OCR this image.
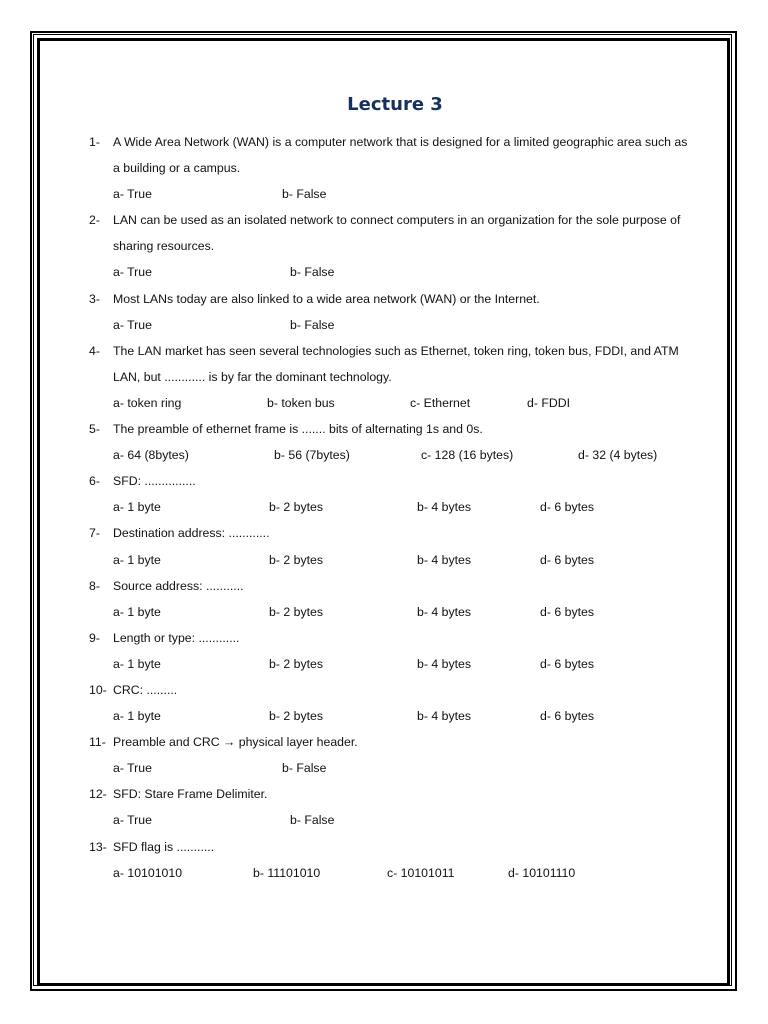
Lecture 3
1- A Wide Area Network (WAN) is a computer network that is designed for a limited geographic area such as a building or a campus.
a- True	b- False
2- LAN can be used as an isolated network to connect computers in an organization for the sole purpose of sharing resources.
a- True	b- False
3- Most LANs today are also linked to a wide area network (WAN) or the Internet.
a- True	b- False
4- The LAN market has seen several technologies such as Ethernet, token ring, token bus, FDDI, and ATM LAN, but ............ is by far the dominant technology.
a- token ring	b- token bus	c- Ethernet	d- FDDI
5- The preamble of ethernet frame is ....... bits of alternating 1s and 0s.
a- 64 (8bytes)	b- 56 (7bytes)	c- 128 (16 bytes)	d- 32 (4 bytes)
6- SFD: ...............
a- 1 byte	b- 2 bytes	b- 4 bytes	d- 6 bytes
7- Destination address: ............
a- 1 byte	b- 2 bytes	b- 4 bytes	d- 6 bytes
8- Source address: ...........
a- 1 byte	b- 2 bytes	b- 4 bytes	d- 6 bytes
9- Length or type: ............
a- 1 byte	b- 2 bytes	b- 4 bytes	d- 6 bytes
10- CRC: .........
a- 1 byte	b- 2 bytes	b- 4 bytes	d- 6 bytes
11- Preamble and CRC → physical layer header.
a- True	b- False
12- SFD: Stare Frame Delimiter.
a- True	b- False
13- SFD flag is ...........
a- 10101010	b- 11101010	c- 10101011	d- 10101110
